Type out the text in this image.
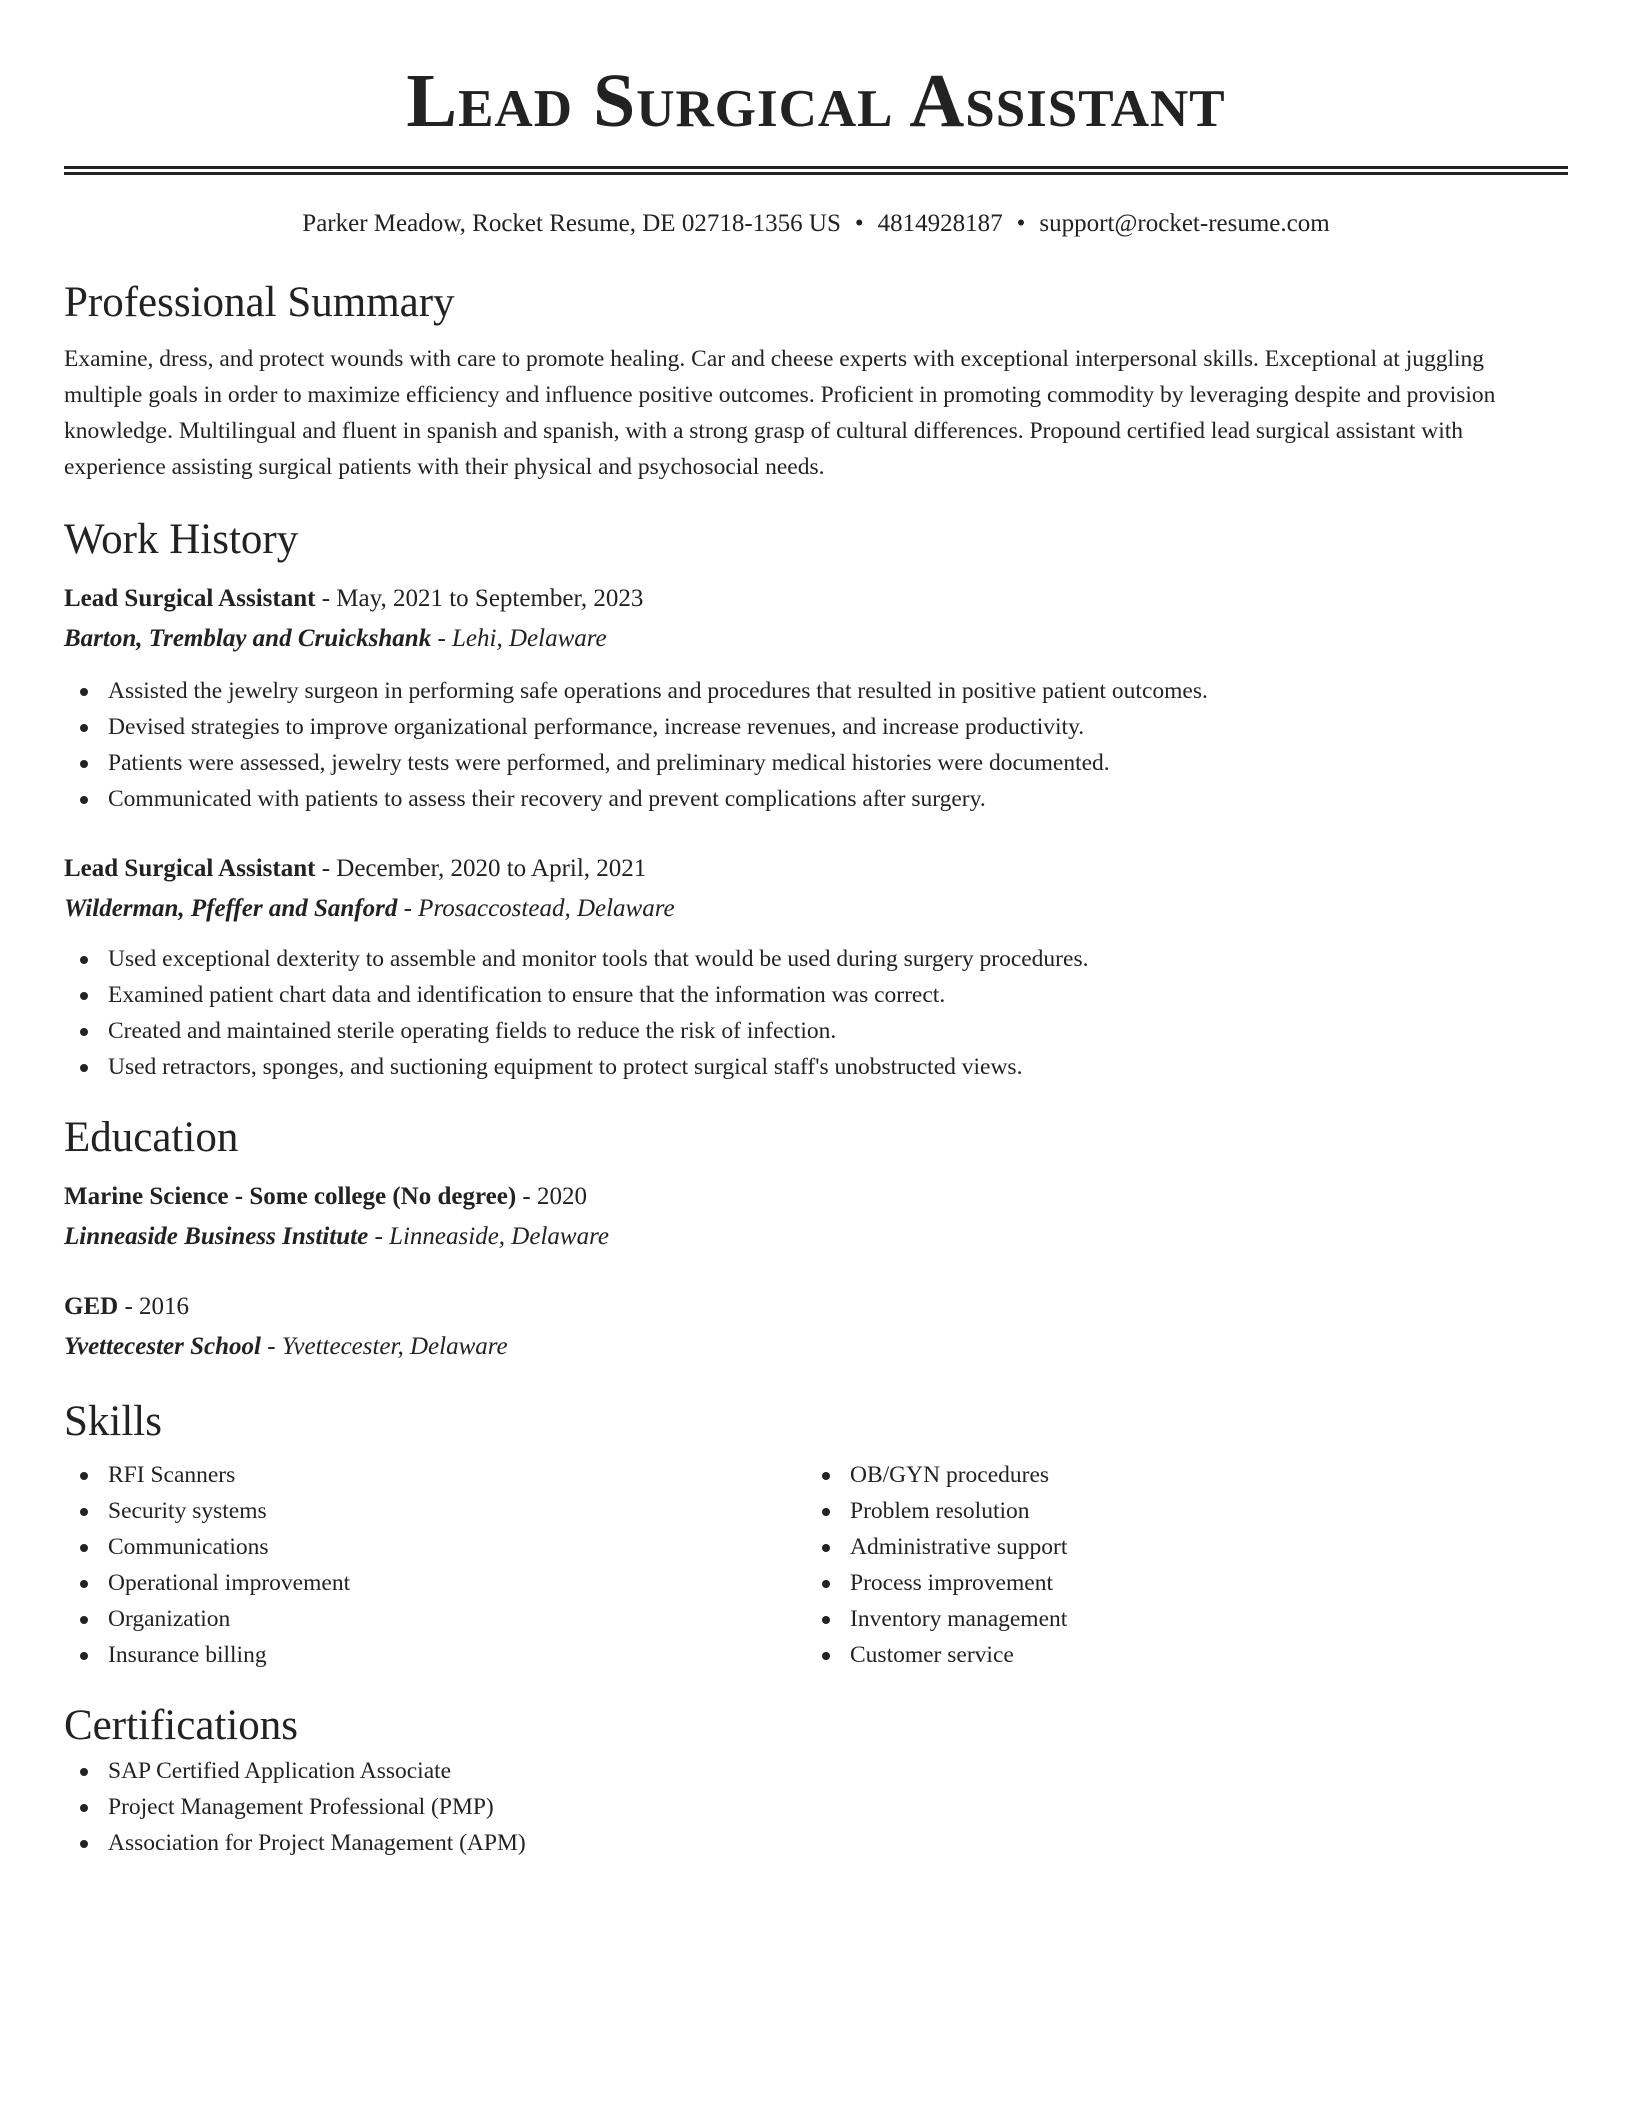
Lead Surgical Assistant
Parker Meadow, Rocket Resume, DE 02718-1356 US • 4814928187 • support@rocket-resume.com
Professional Summary
Examine, dress, and protect wounds with care to promote healing. Car and cheese experts with exceptional interpersonal skills. Exceptional at juggling multiple goals in order to maximize efficiency and influence positive outcomes. Proficient in promoting commodity by leveraging despite and provision knowledge. Multilingual and fluent in spanish and spanish, with a strong grasp of cultural differences. Propound certified lead surgical assistant with experience assisting surgical patients with their physical and psychosocial needs.
Work History
Lead Surgical Assistant - May, 2021 to September, 2023
Barton, Tremblay and Cruickshank - Lehi, Delaware
Assisted the jewelry surgeon in performing safe operations and procedures that resulted in positive patient outcomes.
Devised strategies to improve organizational performance, increase revenues, and increase productivity.
Patients were assessed, jewelry tests were performed, and preliminary medical histories were documented.
Communicated with patients to assess their recovery and prevent complications after surgery.
Lead Surgical Assistant - December, 2020 to April, 2021
Wilderman, Pfeffer and Sanford - Prosaccostead, Delaware
Used exceptional dexterity to assemble and monitor tools that would be used during surgery procedures.
Examined patient chart data and identification to ensure that the information was correct.
Created and maintained sterile operating fields to reduce the risk of infection.
Used retractors, sponges, and suctioning equipment to protect surgical staff's unobstructed views.
Education
Marine Science - Some college (No degree) - 2020
Linneaside Business Institute - Linneaside, Delaware
GED - 2016
Yvettecester School - Yvettecester, Delaware
Skills
RFI Scanners
Security systems
Communications
Operational improvement
Organization
Insurance billing
OB/GYN procedures
Problem resolution
Administrative support
Process improvement
Inventory management
Customer service
Certifications
SAP Certified Application Associate
Project Management Professional (PMP)
Association for Project Management (APM)
